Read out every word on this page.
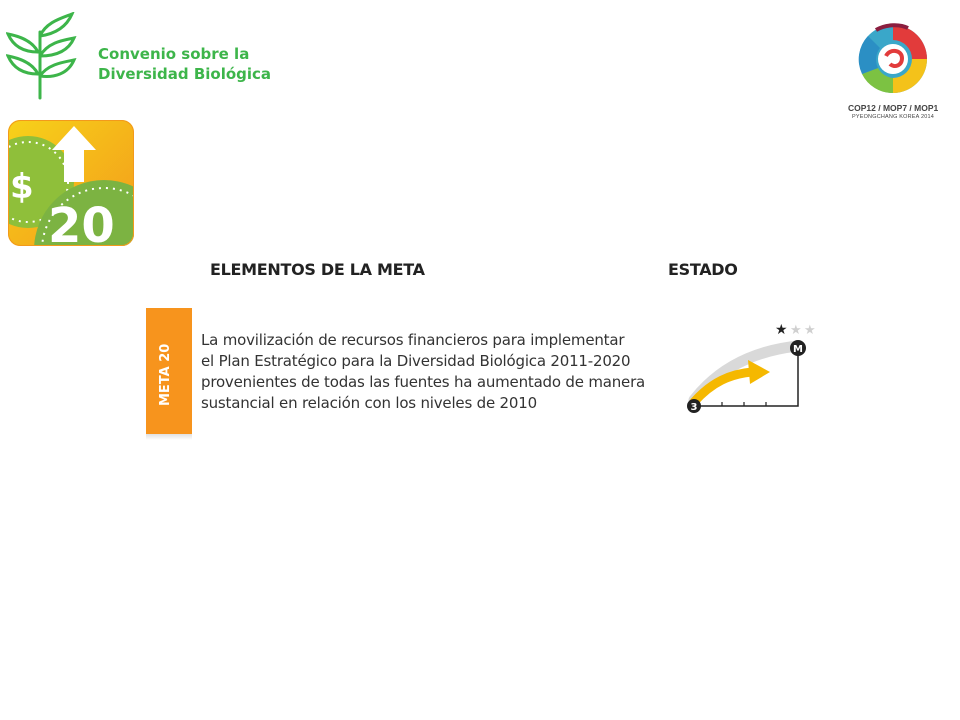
Convenio sobre la
Diversidad Biológica
COP12 / MOP7 / MOP1
PYEONGCHANG KOREA 2014
$
20
ELEMENTOS DE LA META	ESTADO
META 20
La movilización de recursos financieros para implementar
el Plan Estratégico para la Diversidad Biológica 2011-2020
provenientes de todas las fuentes ha aumentado de manera
sustancial en relación con los niveles de 2010
★ ★ ★
M
3
